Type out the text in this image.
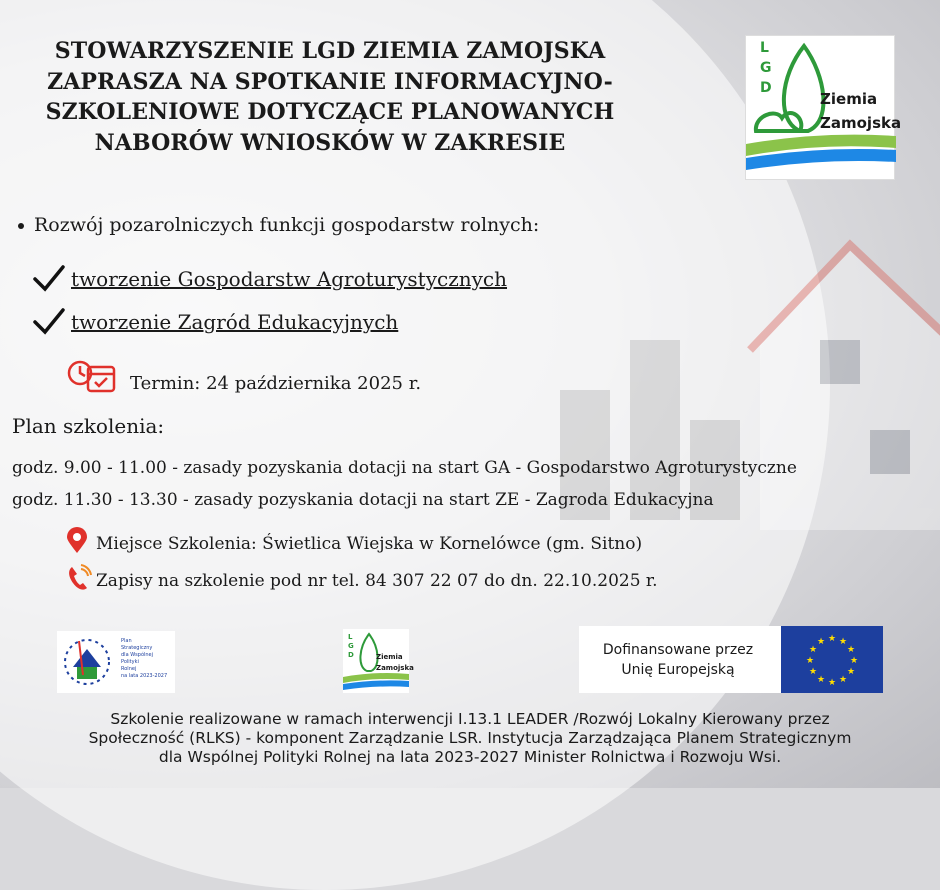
STOWARZYSZENIE LGD ZIEMIA ZAMOJSKA
ZAPRASZA NA SPOTKANIE INFORMACYJNO-
SZKOLENIOWE DOTYCZĄCE PLANOWANYCH
NABORÓW WNIOSKÓW W ZAKRESIE
L
G
D
Ziemia
Zamojska
Rozwój pozarolniczych funkcji gospodarstw rolnych:
tworzenie Gospodarstw Agroturystycznych
tworzenie Zagród Edukacyjnych
Termin: 24 października 2025 r.
Plan szkolenia:
godz. 9.00 - 11.00 - zasady pozyskania dotacji na start GA - Gospodarstwo Agroturystyczne
godz. 11.30 - 13.30 - zasady pozyskania dotacji na start ZE - Zagroda Edukacyjna
Miejsce Szkolenia: Świetlica Wiejska w Kornelówce (gm. Sitno)
Zapisy na szkolenie pod nr tel. 84 307 22 07 do dn. 22.10.2025 r.
Plan
Strategiczny
dla Wspólnej
Polityki
Rolnej
na lata 2023-2027
L
G
D	Ziemia
Zamojska
Dofinansowane przez
Unię Europejską
★ ★
★
★
★
★
★
★
★
★
★
★
Szkolenie realizowane w ramach interwencji I.13.1 LEADER /Rozwój Lokalny Kierowany przez
Społeczność (RLKS) - komponent Zarządzanie LSR. Instytucja Zarządzająca Planem Strategicznym
dla Wspólnej Polityki Rolnej na lata 2023-2027 Minister Rolnictwa i Rozwoju Wsi.
